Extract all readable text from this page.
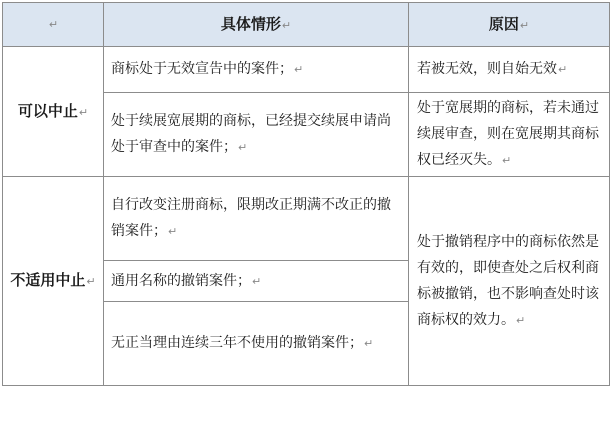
↵	具体情形↵	原因↵
可以中止↵	商标处于无效宣告中的案件；↵	若被无效，则自始无效↵
	处于续展宽展期的商标，已经提交续展申请尚处于审查中的案件；↵	处于宽展期的商标，若未通过续展审查，则在宽展期其商标权已经灭失。↵
不适用中止↵	自行改变注册商标，限期改正期满不改正的撤销案件；↵	处于撤销程序中的商标依然是有效的，即使查处之后权利商标被撤销，也不影响查处时该商标权的效力。↵
	通用名称的撤销案件；↵	
	无正当理由连续三年不使用的撤销案件；↵	
